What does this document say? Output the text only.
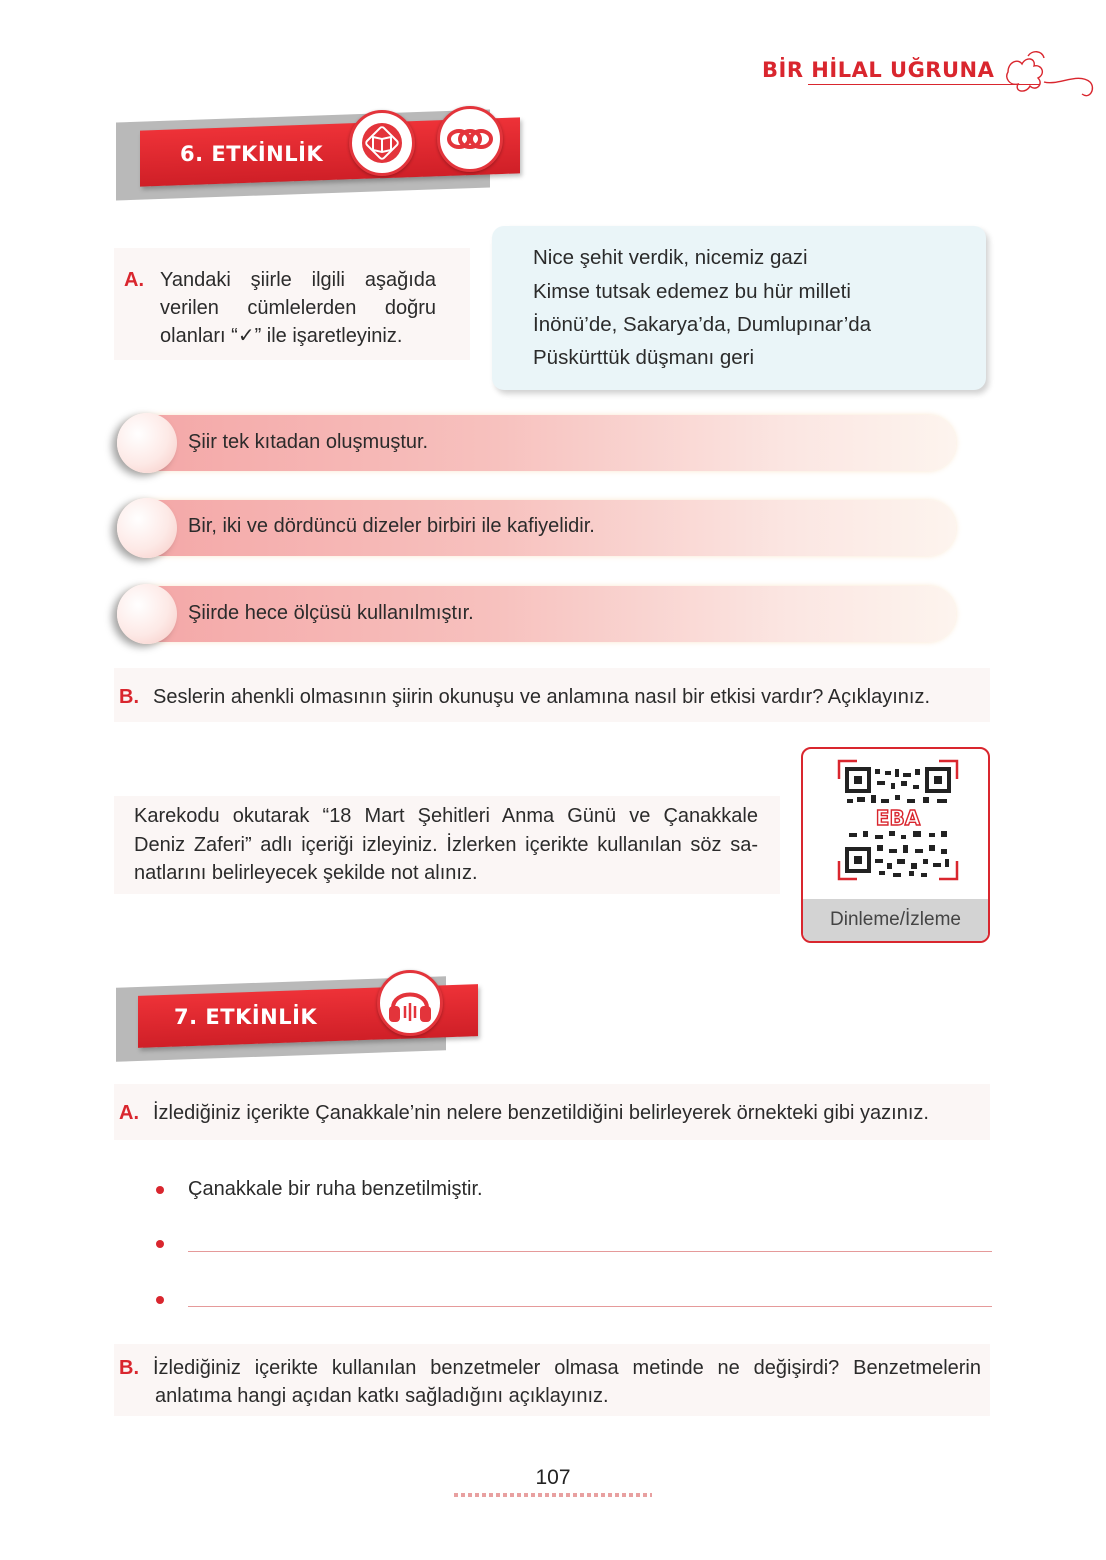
BİR HİLAL UĞRUNA
6. ETKİNLİK
A. Yandaki şiirle ilgili aşağıda
verilen cümlelerden doğru
olanları “✓” ile işaretleyiniz.
Nice şehit verdik, nicemiz gazi
Kimse tutsak edemez bu hür milleti
İnönü’de, Sakarya’da, Dumlupınar’da
Püskürttük düşmanı geri
Şiir tek kıtadan oluşmuştur.
Bir, iki ve dördüncü dizeler birbiri ile kafiyelidir.
Şiirde hece ölçüsü kullanılmıştır.
B. Seslerin ahenkli olmasının şiirin okunuşu ve anlamına nasıl bir etkisi vardır? Açıklayınız.
Karekodu okutarak “18 Mart Şehitleri Anma Günü ve Çanakkale
Deniz Zaferi” adlı içeriği izleyiniz. İzlerken içerikte kullanılan söz sa-
natlarını belirleyecek şekilde not alınız.
EBA
Dinleme/İzleme
7. ETKİNLİK
A. İzlediğiniz içerikte Çanakkale’nin nelere benzetildiğini belirleyerek örnekteki gibi yazınız.
Çanakkale bir ruha benzetilmiştir.
B. İzlediğiniz içerikte kullanılan benzetmeler olmasa metinde ne değişirdi? Benzetmelerin
anlatıma hangi açıdan katkı sağladığını açıklayınız.
107
